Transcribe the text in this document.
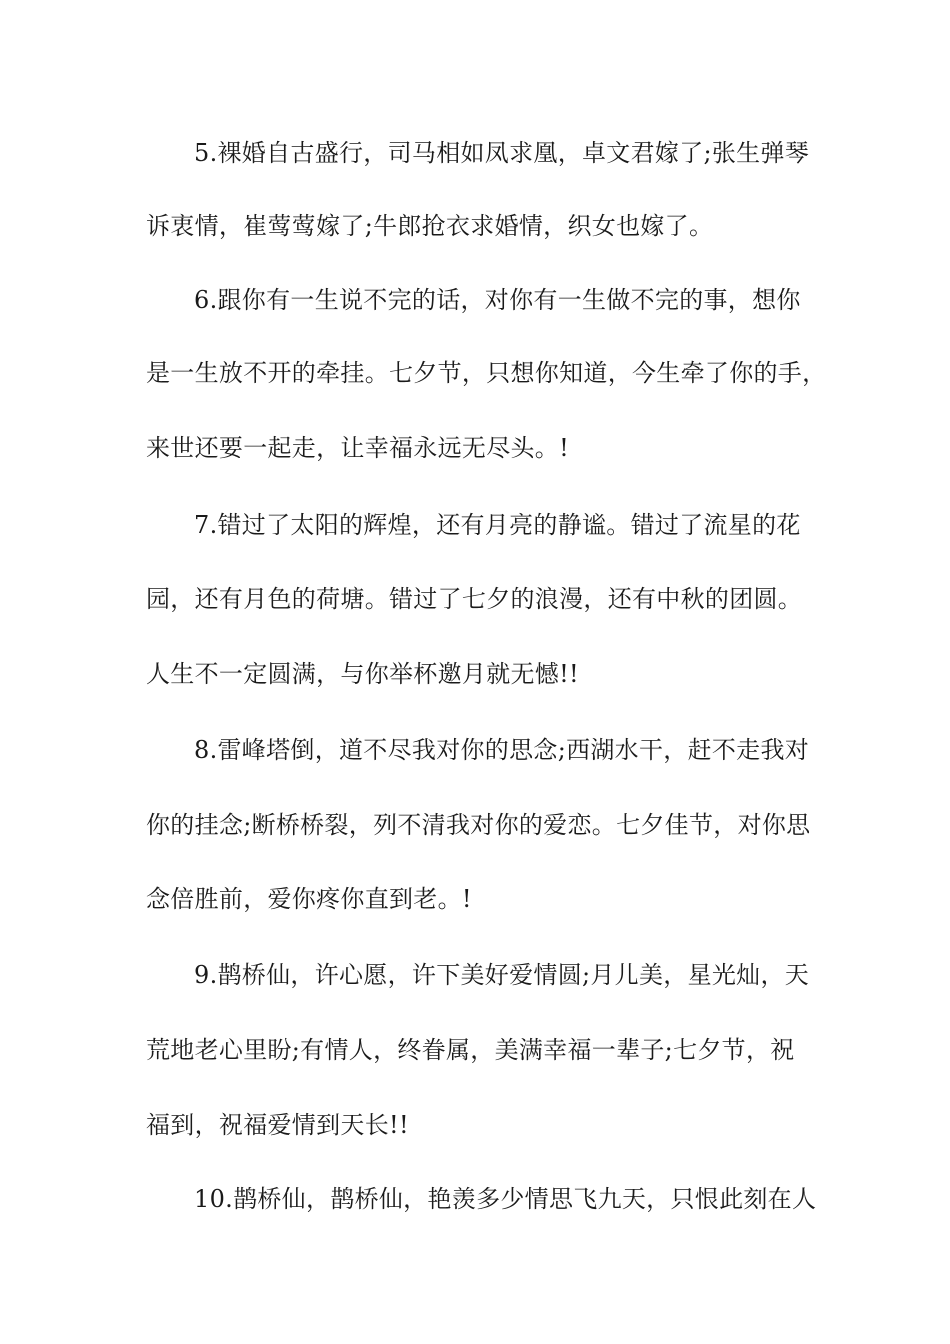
5.裸婚自古盛行，司马相如凤求凰，卓文君嫁了;张生弹琴
诉衷情，崔莺莺嫁了;牛郎抢衣求婚情，织女也嫁了。
6.跟你有一生说不完的话，对你有一生做不完的事，想你
是一生放不开的牵挂。七夕节，只想你知道，今生牵了你的手，
来世还要一起走，让幸福永远无尽头。!
7.错过了太阳的辉煌，还有月亮的静谧。错过了流星的花
园，还有月色的荷塘。错过了七夕的浪漫，还有中秋的团圆。
人生不一定圆满，与你举杯邀月就无憾!!
8.雷峰塔倒，道不尽我对你的思念;西湖水干，赶不走我对
你的挂念;断桥桥裂，列不清我对你的爱恋。七夕佳节，对你思
念倍胜前，爱你疼你直到老。!
9.鹊桥仙，许心愿，许下美好爱情圆;月儿美，星光灿，天
荒地老心里盼;有情人，终眷属，美满幸福一辈子;七夕节，祝
福到，祝福爱情到天长!!
10.鹊桥仙，鹊桥仙，艳羡多少情思飞九天，只恨此刻在人
